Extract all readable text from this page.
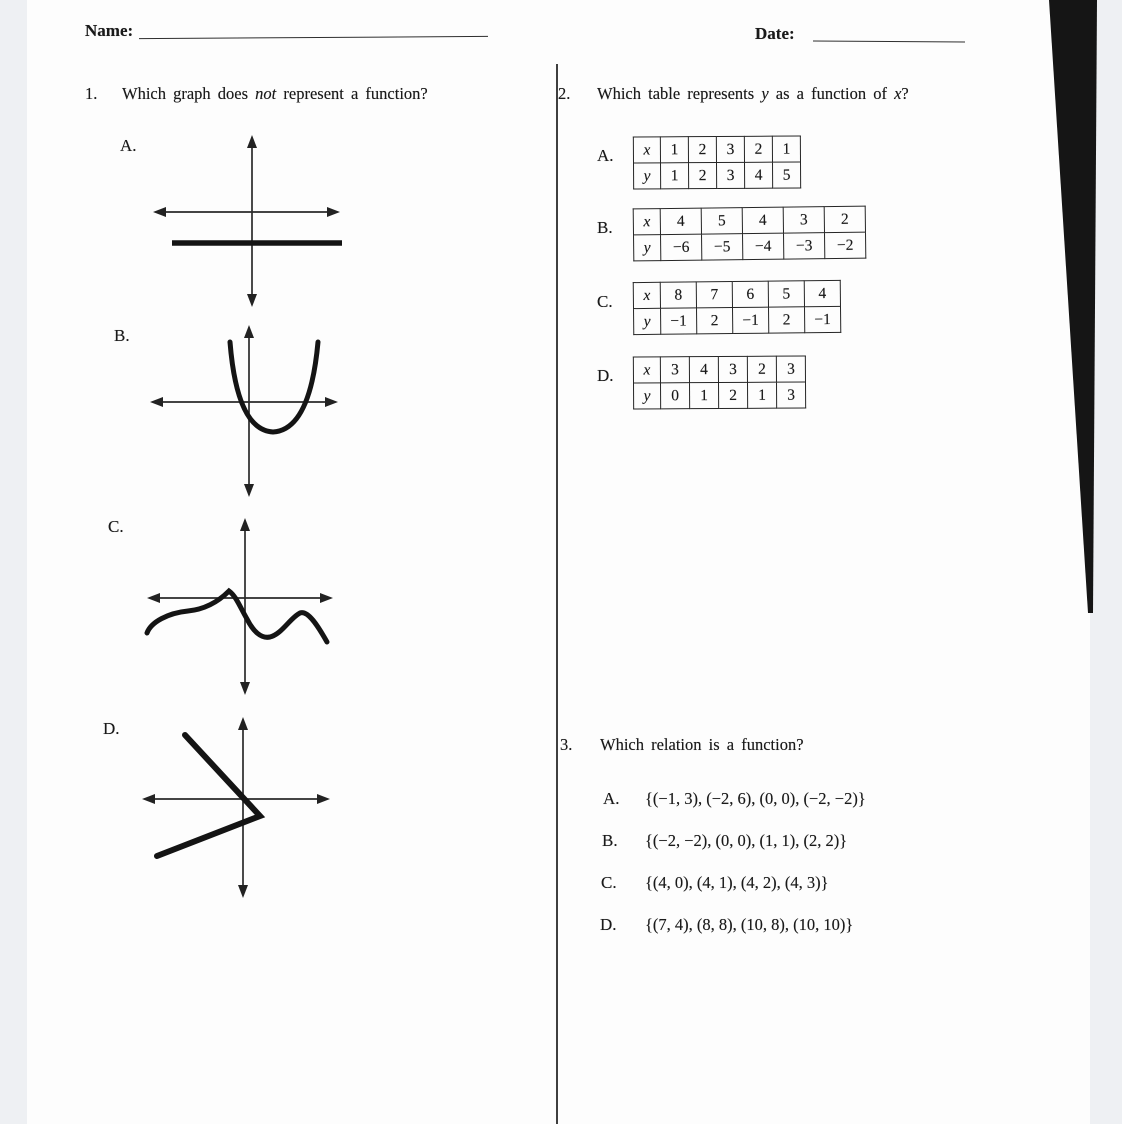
Name:	Date:
1. Which graph does not represent a function?
A.
B.
C.
D.
2. Which table represents y as a function of x?
A. x	1	2	3	2	1
y	1	2	3	4	5
B. x	4	5	4	3	2
y	−6	−5	−4	−3	−2
C. x	8	7	6	5	4
y	−1	2	−1	2	−1
D. x	3	4	3	2	3
y	0	1	2	1	3
3. Which relation is a function?
A. {(−1, 3), (−2, 6), (0, 0), (−2, −2)}
B. {(−2, −2), (0, 0), (1, 1), (2, 2)}
C. {(4, 0), (4, 1), (4, 2), (4, 3)}
D. {(7, 4), (8, 8), (10, 8), (10, 10)}
